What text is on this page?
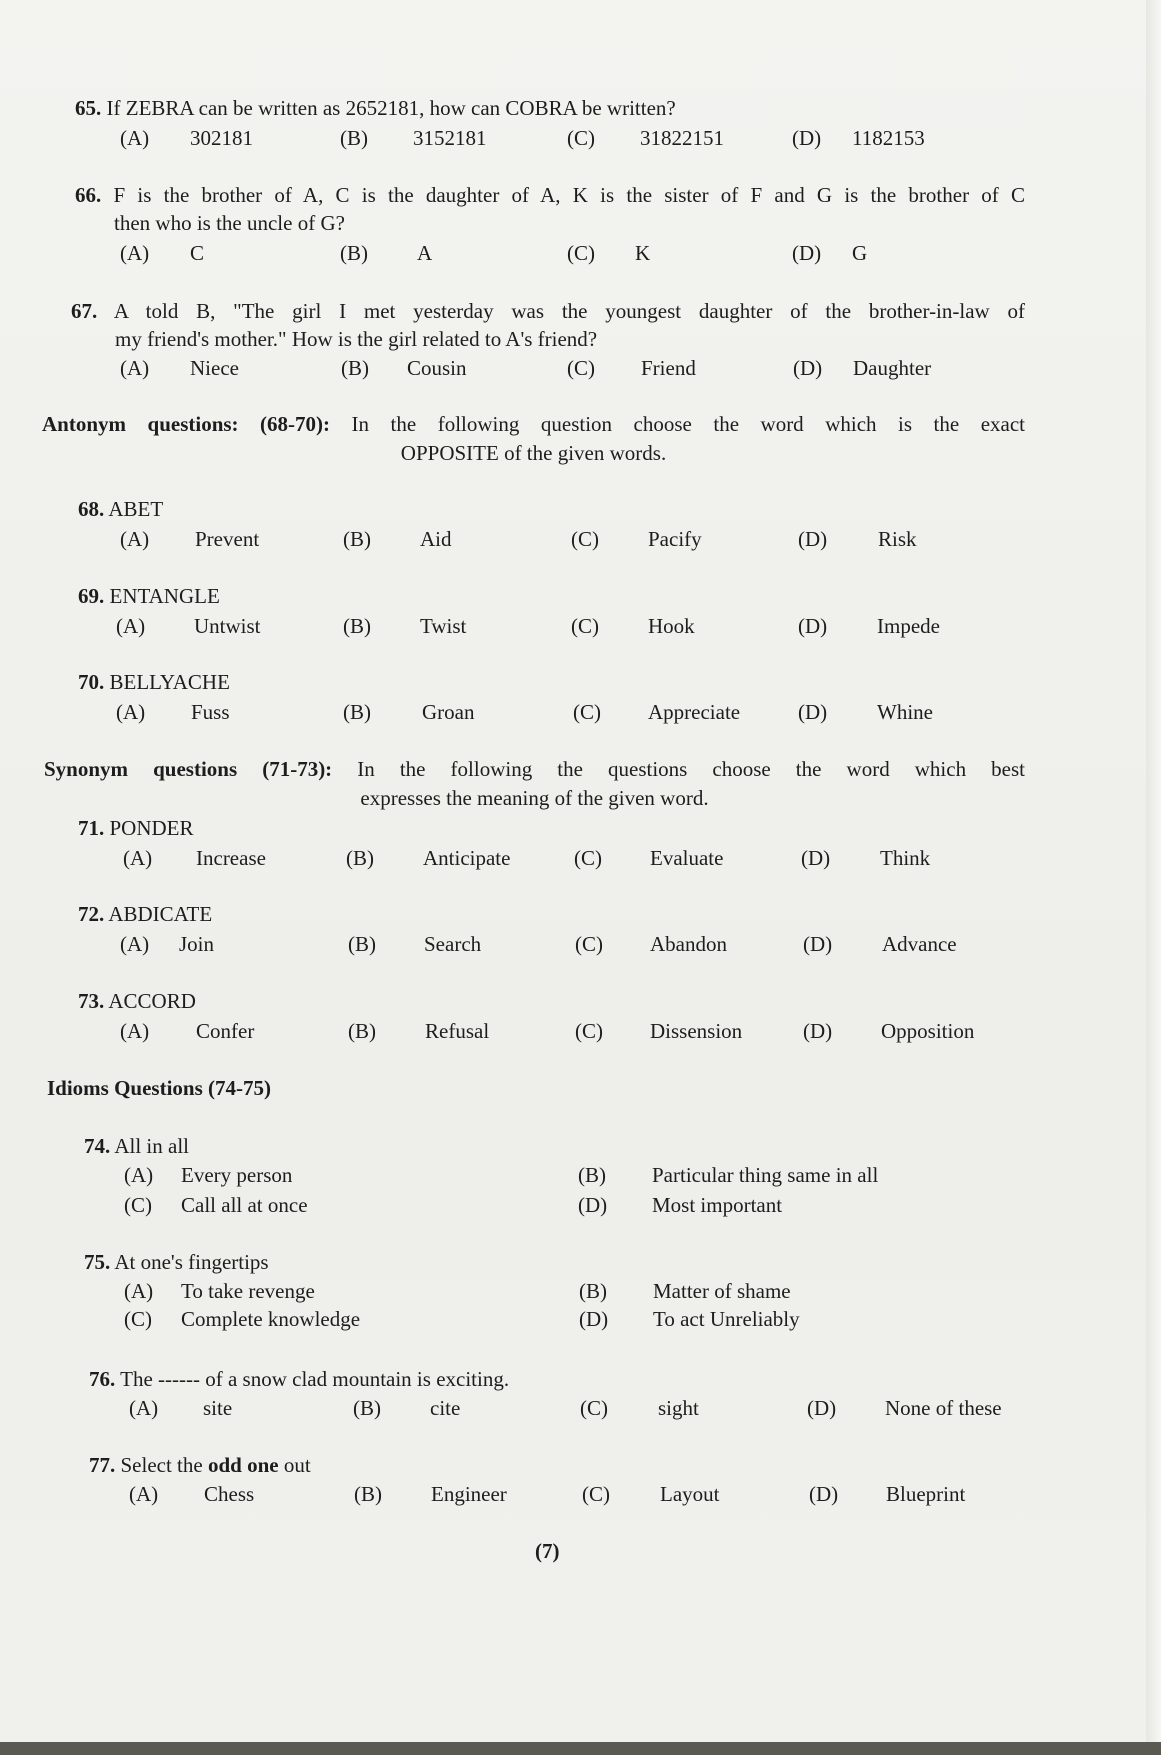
65. If ZEBRA can be written as 2652181, how can COBRA be written?
(A) 302181	(B) 3152181	(C) 31822151	(D) 1182153
66. F is the brother of A, C is the daughter of A, K is the sister of F and G is the brother of C
then who is the uncle of G?
(A) C	(B) A	(C) K	(D) G
67. A told B, "The girl I met yesterday was the youngest daughter of the brother-in-law of
my friend's mother." How is the girl related to A's friend?
(A) Niece	(B) Cousin	(C) Friend	(D) Daughter
Antonym questions: (68-70): In the following question choose the word which is the exact
OPPOSITE of the given words.
68. ABET
(A) Prevent	(B) Aid	(C) Pacify	(D) Risk
69. ENTANGLE
(A) Untwist	(B) Twist	(C) Hook	(D) Impede
70. BELLYACHE
(A) Fuss	(B) Groan	(C) Appreciate	(D) Whine
Synonym questions (71-73): In the following the questions choose the word which best
expresses the meaning of the given word.
71. PONDER
(A) Increase	(B) Anticipate	(C) Evaluate	(D) Think
72. ABDICATE
(A) Join	(B) Search	(C) Abandon	(D) Advance
73. ACCORD
(A) Confer	(B) Refusal	(C) Dissension	(D) Opposition
Idioms Questions (74-75)
74. All in all
(A) Every person	(B) Particular thing same in all
(C) Call all at once	(D) Most important
75. At one's fingertips
(A) To take revenge	(B) Matter of shame
(C) Complete knowledge	(D) To act Unreliably
76. The ------ of a snow clad mountain is exciting.
(A) site	(B) cite	(C) sight	(D) None of these
77. Select the odd one out
(A) Chess	(B) Engineer	(C) Layout	(D) Blueprint
(7)
